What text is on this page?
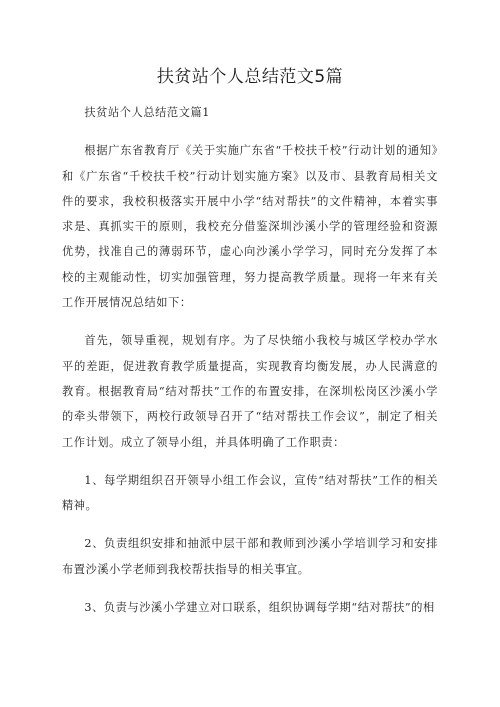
扶贫站个人总结范文5篇

扶贫站个人总结范文篇1

根据广东省教育厅《关于实施广东省“千校扶千校”行动计划的通知》和《广东省“千校扶千校”行动计划实施方案》以及市、县教育局相关文件的要求，我校积极落实开展中小学“结对帮扶”的文件精神，本着实事求是、真抓实干的原则，我校充分借鉴深圳沙溪小学的管理经验和资源优势，找准自己的薄弱环节，虚心向沙溪小学学习，同时充分发挥了本校的主观能动性，切实加强管理，努力提高教学质量。现将一年来有关工作开展情况总结如下：

首先，领导重视，规划有序。为了尽快缩小我校与城区学校办学水平的差距，促进教育教学质量提高，实现教育均衡发展，办人民满意的教育。根据教育局“结对帮扶”工作的布置安排，在深圳松岗区沙溪小学的牵头带领下，两校行政领导召开了“结对帮扶工作会议”，制定了相关工作计划。成立了领导小组，并具体明确了工作职责：

1、每学期组织召开领导小组工作会议，宣传“结对帮扶”工作的相关精神。

2、负责组织安排和抽派中层干部和教师到沙溪小学培训学习和安排布置沙溪小学老师到我校帮扶指导的相关事宜。

3、负责与沙溪小学建立对口联系，组织协调每学期“结对帮扶”的相
